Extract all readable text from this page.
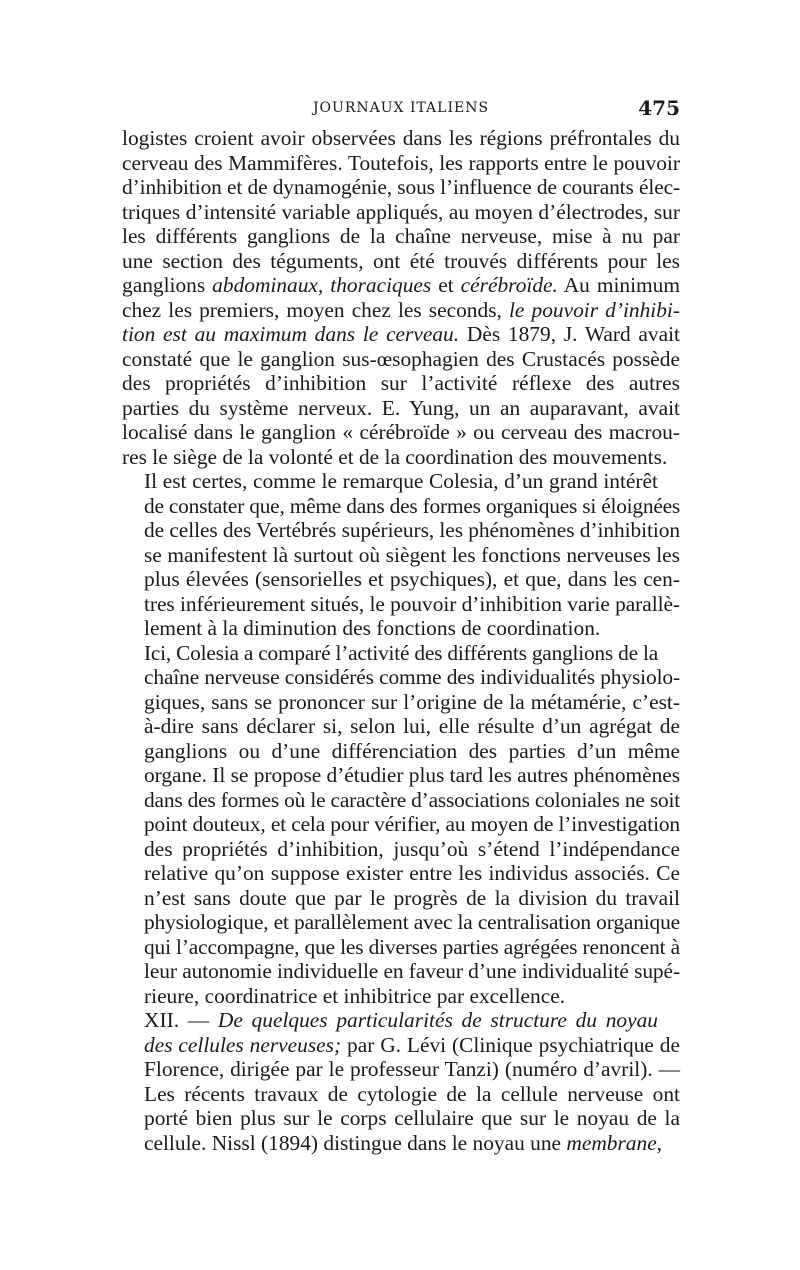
JOURNAUX ITALIENS	475

logistes croient avoir observées dans les régions préfrontales du
cerveau des Mammifères. Toutefois, les rapports entre le pouvoir
d’inhibition et de dynamogénie, sous l’influence de courants élec-
triques d’intensité variable appliqués, au moyen d’électrodes, sur
les différents ganglions de la chaîne nerveuse, mise à nu par
une section des téguments, ont été trouvés différents pour les
ganglions abdominaux, thoraciques et cérébroïde. Au minimum
chez les premiers, moyen chez les seconds, le pouvoir d’inhibi-
tion est au maximum dans le cerveau. Dès 1879, J. Ward avait
constaté que le ganglion sus-œsophagien des Crustacés possède
des propriétés d’inhibition sur l’activité réflexe des autres
parties du système nerveux. E. Yung, un an auparavant, avait
localisé dans le ganglion « cérébroïde » ou cerveau des macrou-
res le siège de la volonté et de la coordination des mouvements.

Il est certes, comme le remarque Colesia, d’un grand intérêt
de constater que, même dans des formes organiques si éloignées
de celles des Vertébrés supérieurs, les phénomènes d’inhibition
se manifestent là surtout où siègent les fonctions nerveuses les
plus élevées (sensorielles et psychiques), et que, dans les cen-
tres inférieurement situés, le pouvoir d’inhibition varie parallè-
lement à la diminution des fonctions de coordination.

Ici, Colesia a comparé l’activité des différents ganglions de la
chaîne nerveuse considérés comme des individualités physiolo-
giques, sans se prononcer sur l’origine de la métamérie, c’est-
à-dire sans déclarer si, selon lui, elle résulte d’un agrégat de
ganglions ou d’une différenciation des parties d’un même
organe. Il se propose d’étudier plus tard les autres phénomènes
dans des formes où le caractère d’associations coloniales ne soit
point douteux, et cela pour vérifier, au moyen de l’investigation
des propriétés d’inhibition, jusqu’où s’étend l’indépendance
relative qu’on suppose exister entre les individus associés. Ce
n’est sans doute que par le progrès de la division du travail
physiologique, et parallèlement avec la centralisation organique
qui l’accompagne, que les diverses parties agrégées renoncent à
leur autonomie individuelle en faveur d’une individualité supé-
rieure, coordinatrice et inhibitrice par excellence.

XII. — De quelques particularités de structure du noyau
des cellules nerveuses; par G. Lévi (Clinique psychiatrique de
Florence, dirigée par le professeur Tanzi) (numéro d’avril). —
Les récents travaux de cytologie de la cellule nerveuse ont
porté bien plus sur le corps cellulaire que sur le noyau de la
cellule. Nissl (1894) distingue dans le noyau une membrane,
